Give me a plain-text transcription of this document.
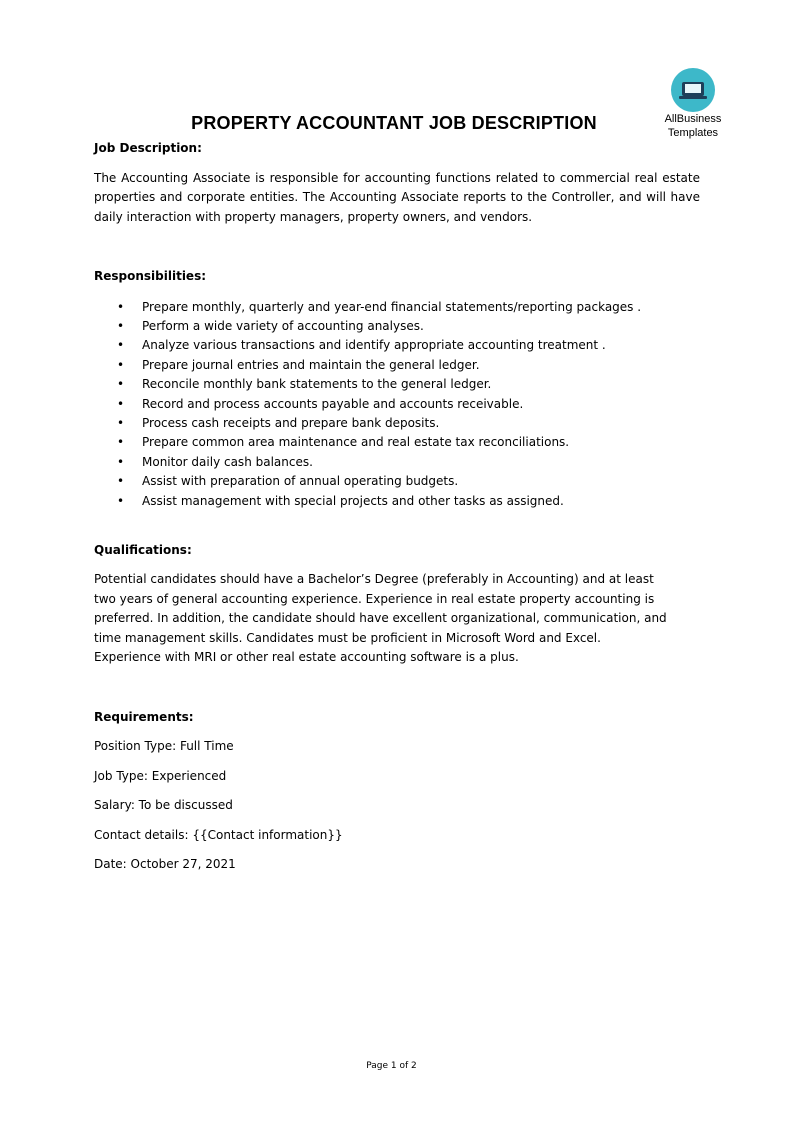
AllBusiness
Templates
PROPERTY ACCOUNTANT JOB DESCRIPTION

Job Description:

The Accounting Associate is responsible for accounting functions related to commercial real estate properties and corporate entities. The Accounting Associate reports to the Controller, and will have daily interaction with property managers, property owners, and vendors.

Responsibilities:

• Prepare monthly, quarterly and year-end financial statements/reporting packages .
• Perform a wide variety of accounting analyses.
• Analyze various transactions and identify appropriate accounting treatment .
• Prepare journal entries and maintain the general ledger.
• Reconcile monthly bank statements to the general ledger.
• Record and process accounts payable and accounts receivable.
• Process cash receipts and prepare bank deposits.
• Prepare common area maintenance and real estate tax reconciliations.
• Monitor daily cash balances.
• Assist with preparation of annual operating budgets.
• Assist management with special projects and other tasks as assigned.

Qualifications:

Potential candidates should have a Bachelor’s Degree (preferably in Accounting) and at least
two years of general accounting experience. Experience in real estate property accounting is
preferred. In addition, the candidate should have excellent organizational, communication, and
time management skills. Candidates must be proficient in Microsoft Word and Excel.
Experience with MRI or other real estate accounting software is a plus.

Requirements:

Position Type: Full Time

Job Type: Experienced

Salary: To be discussed

Contact details: {{Contact information}}

Date: October 27, 2021

Page 1 of 2
